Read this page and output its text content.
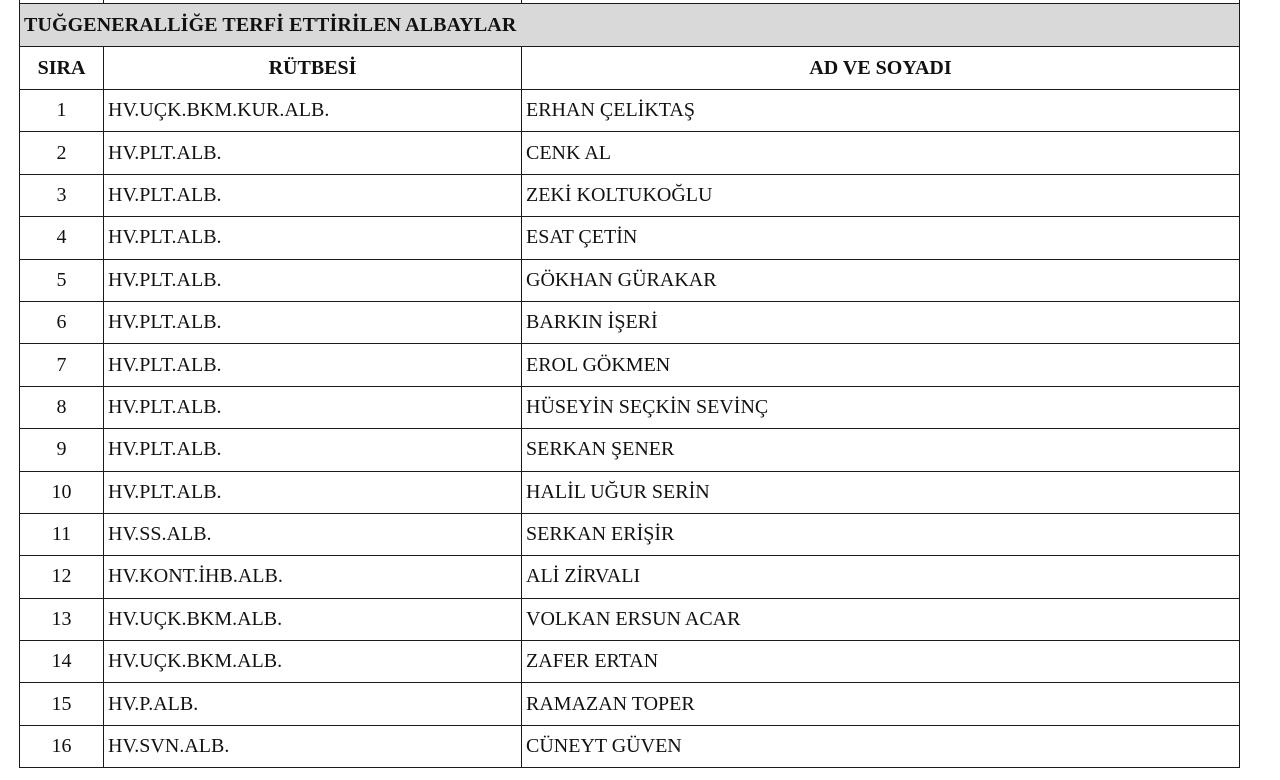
TUĞGENERALLİĞE TERFİ ETTİRİLEN ALBAYLAR		
SIRA	RÜTBESİ	AD VE SOYADI
1	HV.UÇK.BKM.KUR.ALB.	ERHAN ÇELİKTAŞ
2	HV.PLT.ALB.	CENK AL
3	HV.PLT.ALB.	ZEKİ KOLTUKOĞLU
4	HV.PLT.ALB.	ESAT ÇETİN
5	HV.PLT.ALB.	GÖKHAN GÜRAKAR
6	HV.PLT.ALB.	BARKIN İŞERİ
7	HV.PLT.ALB.	EROL GÖKMEN
8	HV.PLT.ALB.	HÜSEYİN SEÇKİN SEVİNÇ
9	HV.PLT.ALB.	SERKAN ŞENER
10	HV.PLT.ALB.	HALİL UĞUR SERİN
11	HV.SS.ALB.	SERKAN ERİŞİR
12	HV.KONT.İHB.ALB.	ALİ ZİRVALI
13	HV.UÇK.BKM.ALB.	VOLKAN ERSUN ACAR
14	HV.UÇK.BKM.ALB.	ZAFER ERTAN
15	HV.P.ALB.	RAMAZAN TOPER
16	HV.SVN.ALB.	CÜNEYT GÜVEN
